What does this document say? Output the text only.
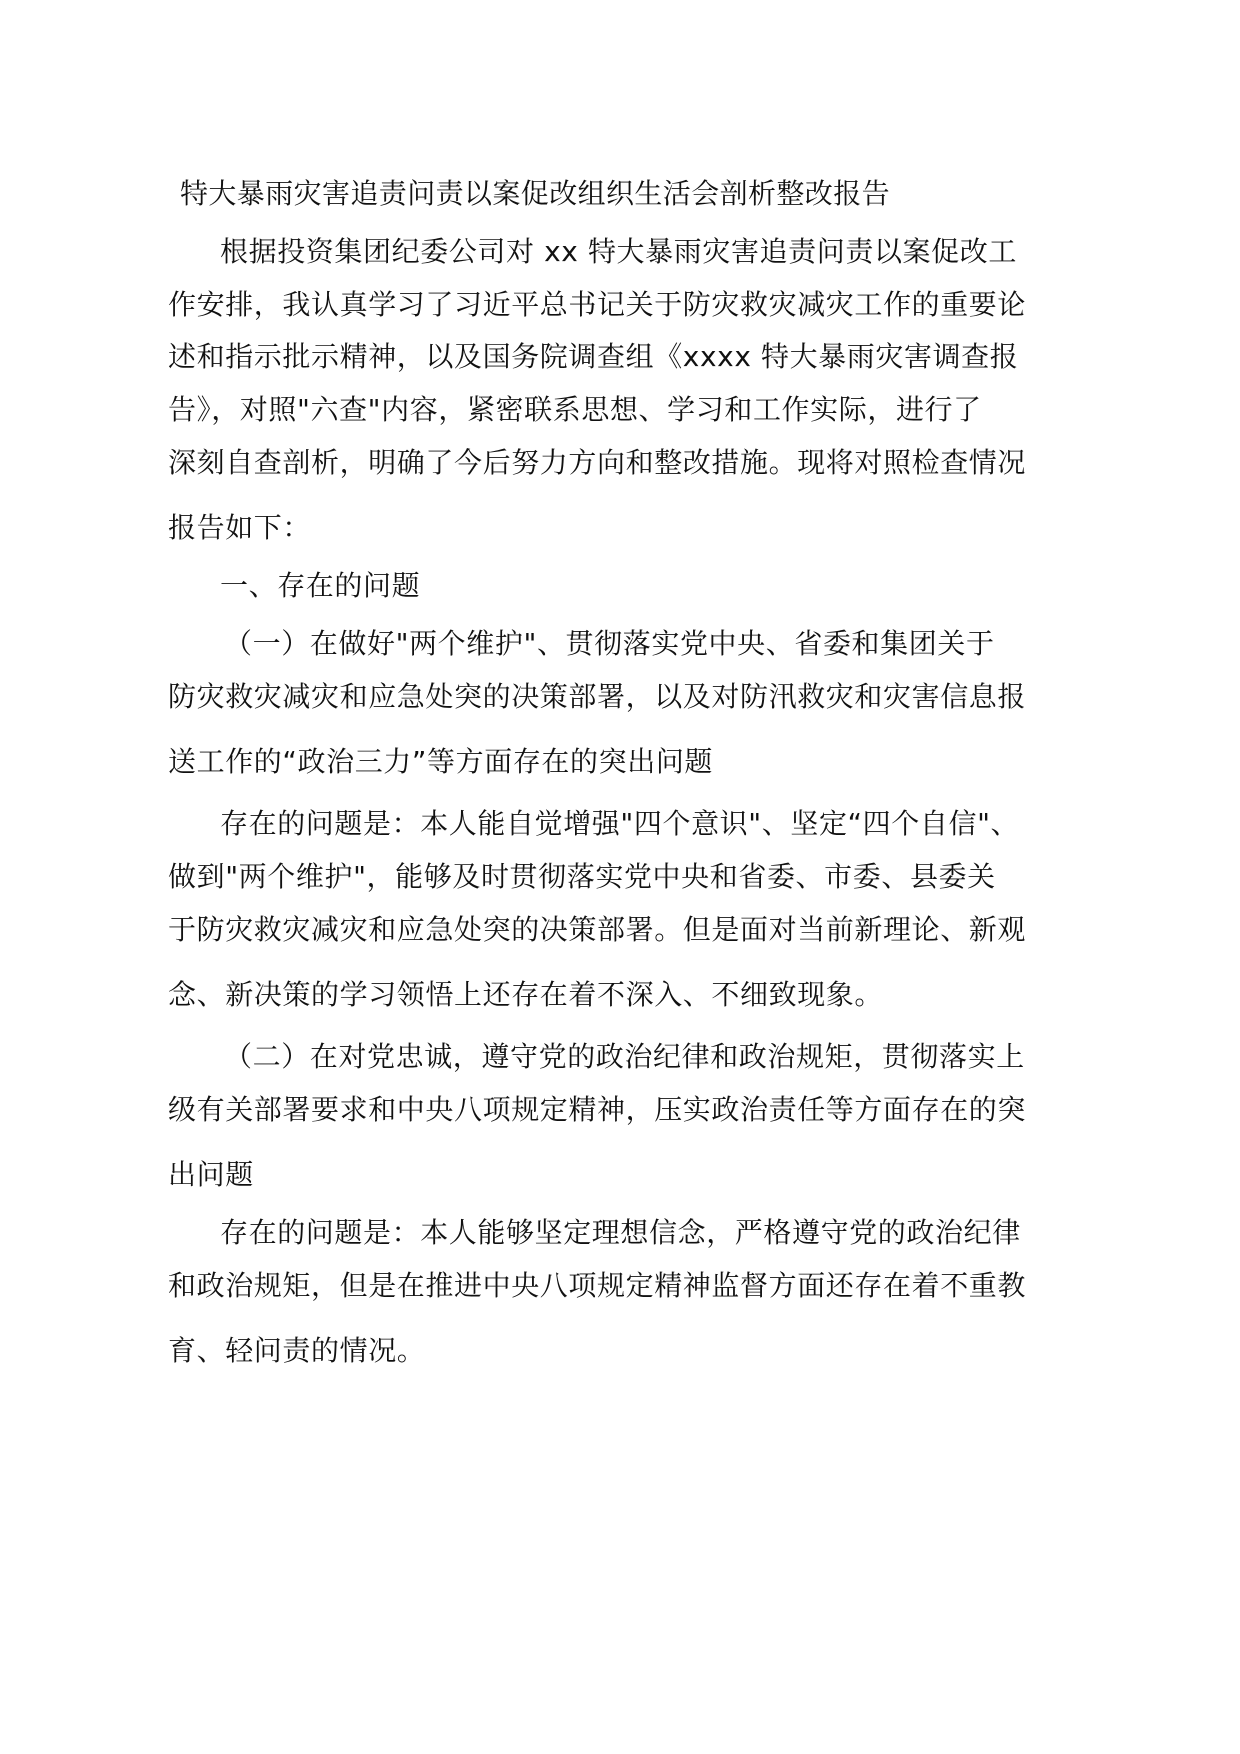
特大暴雨灾害追责问责以案促改组织生活会剖析整改报告
根据投资集团纪委公司对 xx 特大暴雨灾害追责问责以案促改工
作安排，我认真学习了习近平总书记关于防灾救灾减灾工作的重要论
述和指示批示精神，以及国务院调查组《xxxx 特大暴雨灾害调查报
告》，对照"六查"内容，紧密联系思想、学习和工作实际，进行了
深刻自查剖析，明确了今后努力方向和整改措施。现将对照检查情况
报告如下：
一、存在的问题
（一）在做好"两个维护"、贯彻落实党中央、省委和集团关于
防灾救灾减灾和应急处突的决策部署，以及对防汛救灾和灾害信息报
送工作的“政治三力”等方面存在的突出问题
存在的问题是：本人能自觉增强"四个意识"、坚定“四个自信"、
做到"两个维护"，能够及时贯彻落实党中央和省委、市委、县委关
于防灾救灾减灾和应急处突的决策部署。但是面对当前新理论、新观
念、新决策的学习领悟上还存在着不深入、不细致现象。
（二）在对党忠诚，遵守党的政治纪律和政治规矩，贯彻落实上
级有关部署要求和中央八项规定精神，压实政治责任等方面存在的突
出问题
存在的问题是：本人能够坚定理想信念，严格遵守党的政治纪律
和政治规矩，但是在推进中央八项规定精神监督方面还存在着不重教
育、轻问责的情况。
